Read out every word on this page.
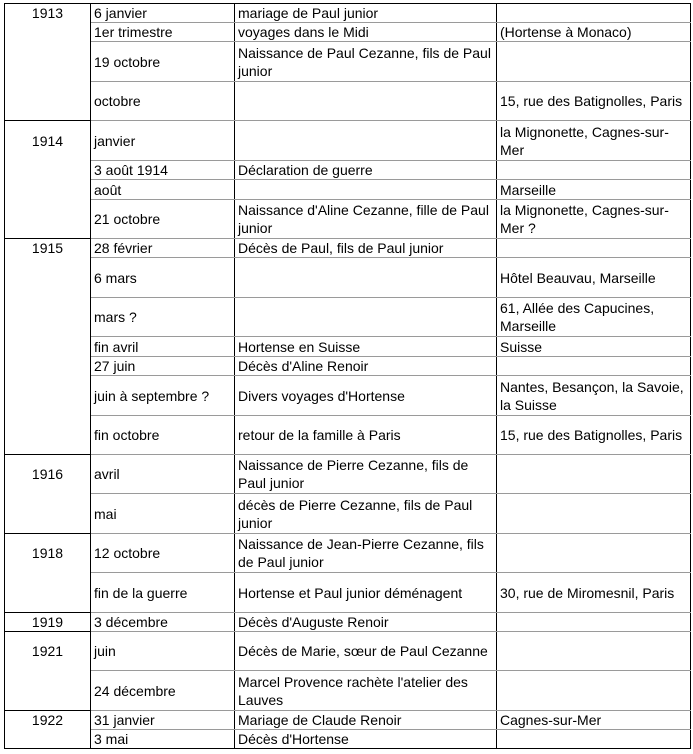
1913	6 janvier	mariage de Paul junior	
	1er trimestre	voyages dans le Midi	(Hortense à Monaco)
	19 octobre	Naissance de Paul Cezanne, fils de Paul junior	
	octobre		15, rue des Batignolles, Paris
1914	janvier		la Mignonette, Cagnes-sur-Mer
	3 août 1914	Déclaration de guerre	
	août		Marseille
	21 octobre	Naissance d'Aline Cezanne, fille de Paul junior	la Mignonette, Cagnes-sur-Mer ?
1915	28 février	Décès de Paul, fils de Paul junior	
	6 mars		Hôtel Beauvau, Marseille
	mars ?		61, Allée des Capucines, Marseille
	fin avril	Hortense en Suisse	Suisse
	27 juin	Décès d'Aline Renoir	
	juin à septembre ?	Divers voyages d'Hortense	Nantes, Besançon, la Savoie, la Suisse
	fin octobre	retour de la famille à Paris	15, rue des Batignolles, Paris
1916	avril	Naissance de Pierre Cezanne, fils de Paul junior	
	mai	décès de Pierre Cezanne, fils de Paul junior	
1918	12 octobre	Naissance de Jean-Pierre Cezanne, fils de Paul junior	
	fin de la guerre	Hortense et Paul junior déménagent	30, rue de Miromesnil, Paris
1919	3 décembre	Décès d'Auguste Renoir	
1921	juin	Décès de Marie, sœur de Paul Cezanne	
	24 décembre	Marcel Provence rachète l'atelier des Lauves	
1922	31 janvier	Mariage de Claude Renoir	Cagnes-sur-Mer
	3 mai	Décès d'Hortense	
